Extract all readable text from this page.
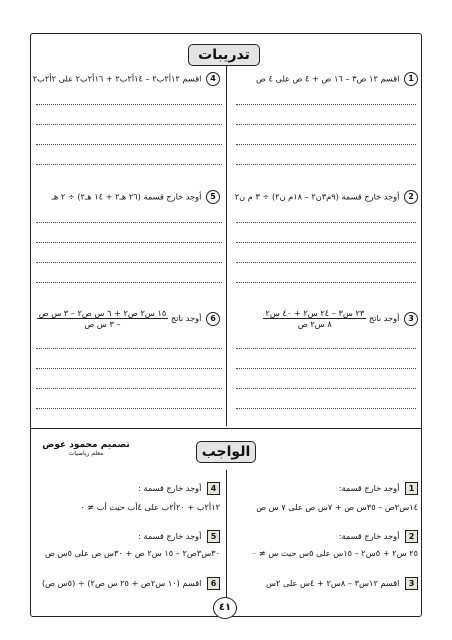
تدريبات
1 اقسم ١٢ ص٣ – ١٦ ص + ٤ ص على ٤ ص
2 أوجد خارج قسمة (٩م٣ن٢ – ١٨م ن٢) ÷ ٣ م ن٢
3 أوجد ناتج
$\frac{\text{٢٣ س٣ – ٢٤ س٢ + ٤٠ س٢}}{\text{٨ س٢ ص}}$
4 اقسم ١٢أ٢ب٢ – ١٤أ٢ب٢ + ١٦أ٢ب٢ على ٢أ٢ب٢
5 أوجد خارج قسمة (٢٦ هـ٢ + ١٤ هـ٢) ÷ ٢ هـ
6 أوجد ناتج
$\frac{\text{١٥ س٢ ص٢ + ٦ س ص٢ – ٣ س ص}}{\text{– ٣ س ص}}$
الواجب
تصميم محمود عوض
معلم رياضيات
1 أوجد خارج قسمة:
١٤س٢ص – ٣٥س ص + ٧س ص على ٧ س ص
2 أوجد خارج قسمة:
٢٥ س٢ + ٥س٢ – ١٥س على ٥س حيث س ≠ ٠
3 اقسم ١٢س٣ – ٨س٢ + ٤س على ٢س
4 أوجد خارج قسمة :
١٢أ٢ب + ٢٠أ٢ب على ٤أب حيث أب ≠ ٠
5 أوجد خارج قسمة :
٣٠س٣ص٢ – ١٥ س٢ ص + ٣٠س ص على ٥س ص
6 اقسم (١٠ س٢ص + ٢٥ س ص٢) ÷ (٥س ص)
٤١
